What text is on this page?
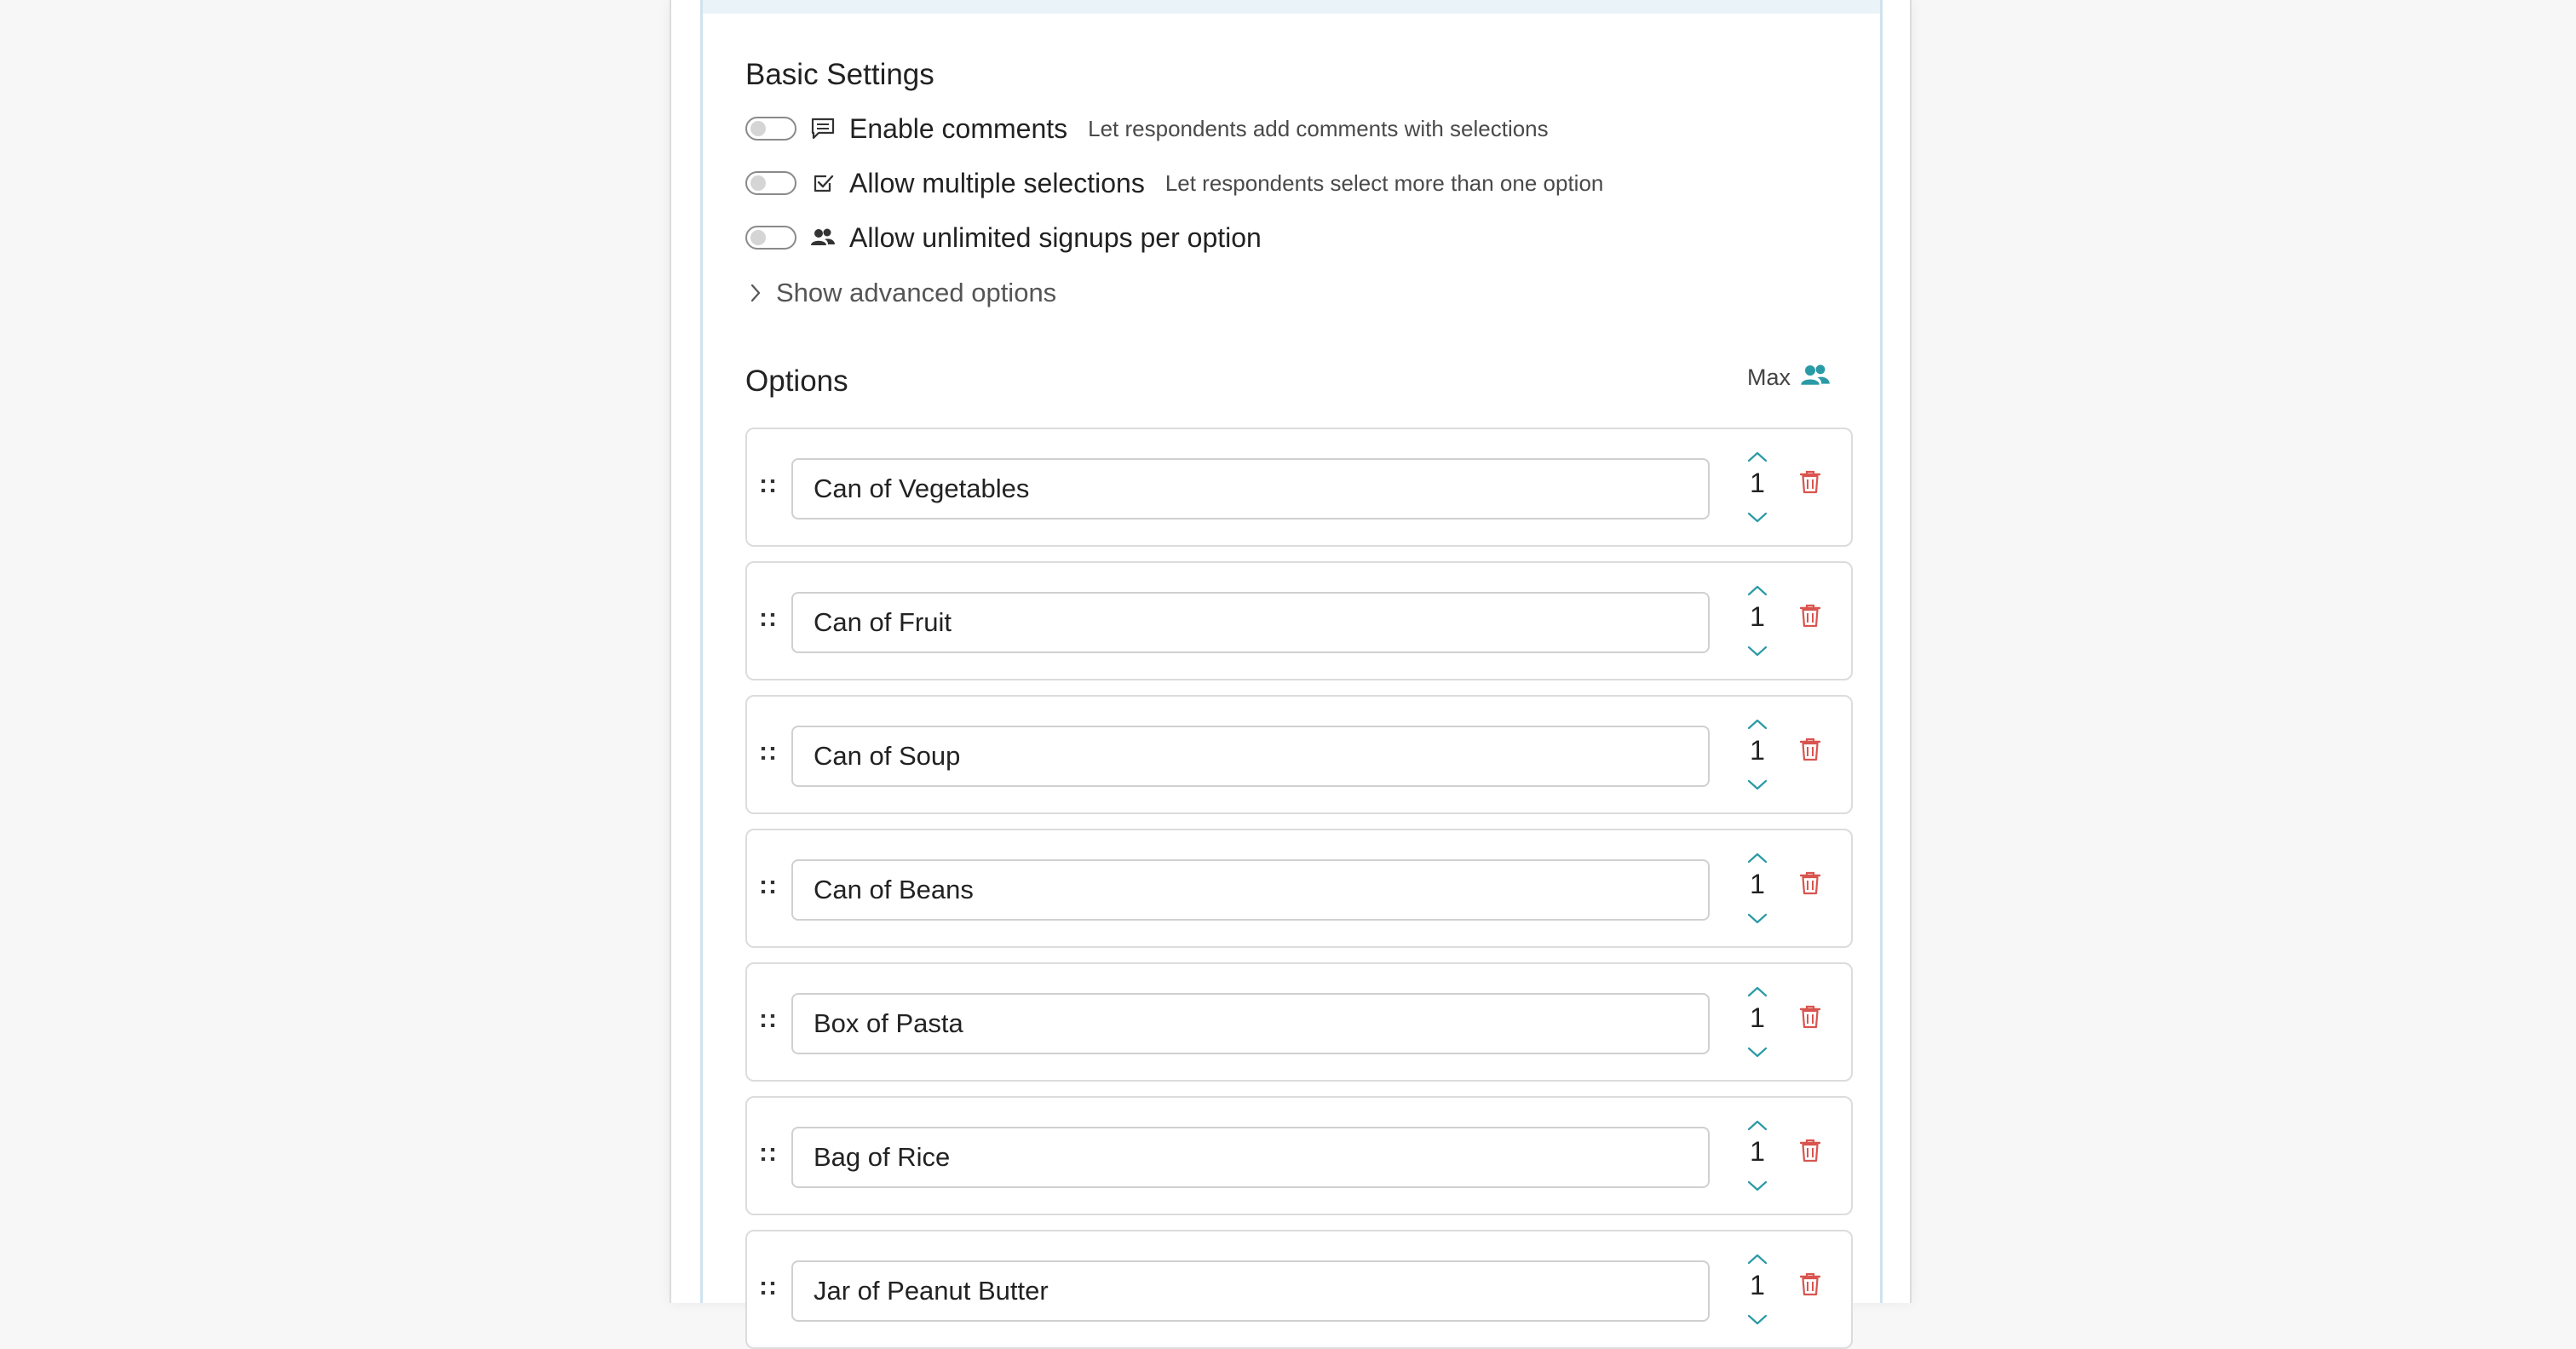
Basic Settings
Enable comments Let respondents add comments with selections
Allow multiple selections Let respondents select more than one option
Allow unlimited signups per option
Show advanced options
Options	Max
::
Can of Vegetables	1
::
Can of Fruit	1
::
Can of Soup	1
::
Can of Beans	1
::
Box of Pasta	1
::
Bag of Rice	1
::
Jar of Peanut Butter	1
